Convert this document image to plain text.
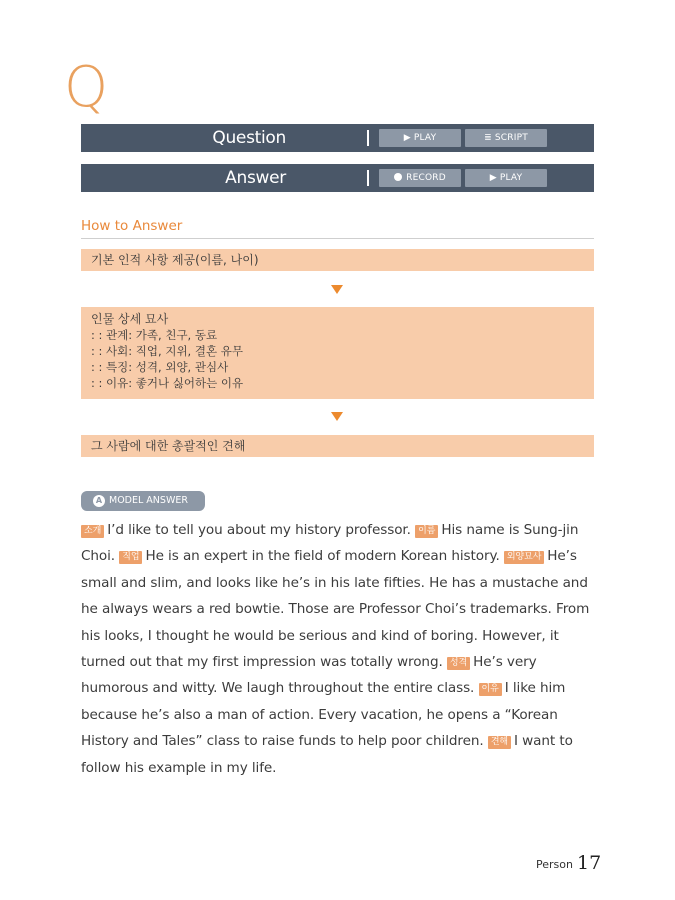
Q
Question	▶ PLAY	≣ SCRIPT
Answer	RECORD	▶ PLAY
How to Answer
기본 인적 사항 제공(이름, 나이)
인물 상세 묘사
: : 관계: 가족, 친구, 동료
: : 사회: 직업, 지위, 결혼 유무
: : 특징: 성격, 외양, 관심사
: : 이유: 좋거나 싫어하는 이유
그 사람에 대한 총괄적인 견해
A MODEL ANSWER
소개 I’d like to tell you about my history professor. 이름 His name is Sung-jin Choi. 직업 He is an expert in the field of modern Korean history. 외양묘사 He’s small and slim, and looks like he’s in his late fifties. He has a mustache and he always wears a red bowtie. Those are Professor Choi’s trademarks. From his looks, I thought he would be serious and kind of boring. However, it turned out that my first impression was totally wrong. 성격 He’s very humorous and witty. We laugh throughout the entire class. 이유 I like him because he’s also a man of action. Every vacation, he opens a “Korean History and Tales” class to raise funds to help poor children. 견해 I want to follow his example in my life.
Person 17
